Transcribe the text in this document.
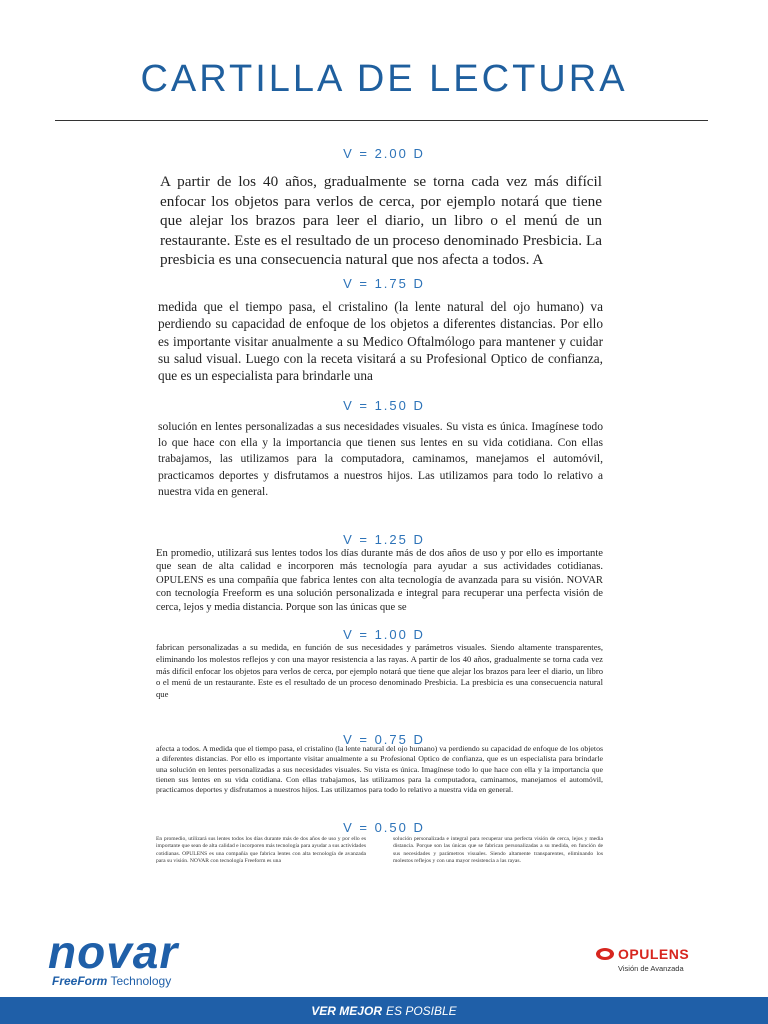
CARTILLA DE LECTURA
V = 2.00 D

A partir de los 40 años, gradualmente se torna cada vez más difícil enfocar los objetos para verlos de cerca, por ejemplo notará que tiene que alejar los brazos para leer el diario, un libro o el menú de un restaurante. Este es el resultado de un proceso denominado Presbicia. La presbicia es una consecuencia natural que nos afecta a todos. A

V = 1.75 D

medida que el tiempo pasa, el cristalino (la lente natural del ojo humano) va perdiendo su capacidad de enfoque de los objetos a diferentes distancias. Por ello es importante visitar anualmente a su Medico Oftalmólogo para mantener y cuidar su salud visual. Luego con la receta visitará a su Profesional Optico de confianza, que es un especialista para brindarle una

V = 1.50 D

solución en lentes personalizadas a sus necesidades visuales. Su vista es única. Imagínese todo lo que hace con ella y la importancia que tienen sus lentes en su vida cotidiana. Con ellas trabajamos, las utilizamos para la computadora, caminamos, manejamos el automóvil, practicamos deportes y disfrutamos a nuestros hijos. Las utilizamos para todo lo relativo a nuestra vida en general.

V = 1.25 D

En promedio, utilizará sus lentes todos los días durante más de dos años de uso y por ello es importante que sean de alta calidad e incorporen más tecnología para ayudar a sus actividades cotidianas. OPULENS es una compañía que fabrica lentes con alta tecnología de avanzada para su visión. NOVAR con tecnología Freeform es una solución personalizada e integral para recuperar una perfecta visión de cerca, lejos y media distancia. Porque son las únicas que se

V = 1.00 D

fabrican personalizadas a su medida, en función de sus necesidades y parámetros visuales. Siendo altamente transparentes, eliminando los molestos reflejos y con una mayor resistencia a las rayas. A partir de los 40 años, gradualmente se torna cada vez más difícil enfocar los objetos para verlos de cerca, por ejemplo notará que tiene que alejar los brazos para leer el diario, un libro o el menú de un restaurante. Este es el resultado de un proceso denominado Presbicia. La presbicia es una consecuencia natural que

V = 0.75 D

afecta a todos. A medida que el tiempo pasa, el cristalino (la lente natural del ojo humano) va perdiendo su capacidad de enfoque de los objetos a diferentes distancias. Por ello es importante visitar anualmente a su Profesional Optico de confianza, que es un especialista para brindarle una solución en lentes personalizadas a sus necesidades visuales. Su vista es única. Imagínese todo lo que hace con ella y la importancia que tienen sus lentes en su vida cotidiana. Con ellas trabajamos, las utilizamos para la computadora, caminamos, manejamos el automóvil, practicamos deportes y disfrutamos a nuestros hijos. Las utilizamos para todo lo relativo a nuestra vida en general.

V = 0.50 D

En promedio, utilizará sus lentes todos los días durante más de dos años de uso y por ello es importante que sean de alta calidad e incorporen más tecnología para ayudar a sus actividades cotidianas. OPULENS es una compañía que fabrica lentes con alta tecnología de avanzada para su visión. NOVAR con tecnología Freeform es una

solución personalizada e integral para recuperar una perfecta visión de cerca, lejos y media distancia. Porque son las únicas que se fabrican personalizadas a su medida, en función de sus necesidades y parámetros visuales. Siendo altamente transparentes, eliminando los molestos reflejos y con una mayor resistencia a las rayas.

novar
FreeForm Technology
OPULENS
Visión de Avanzada
VER MEJOR ES POSIBLE
